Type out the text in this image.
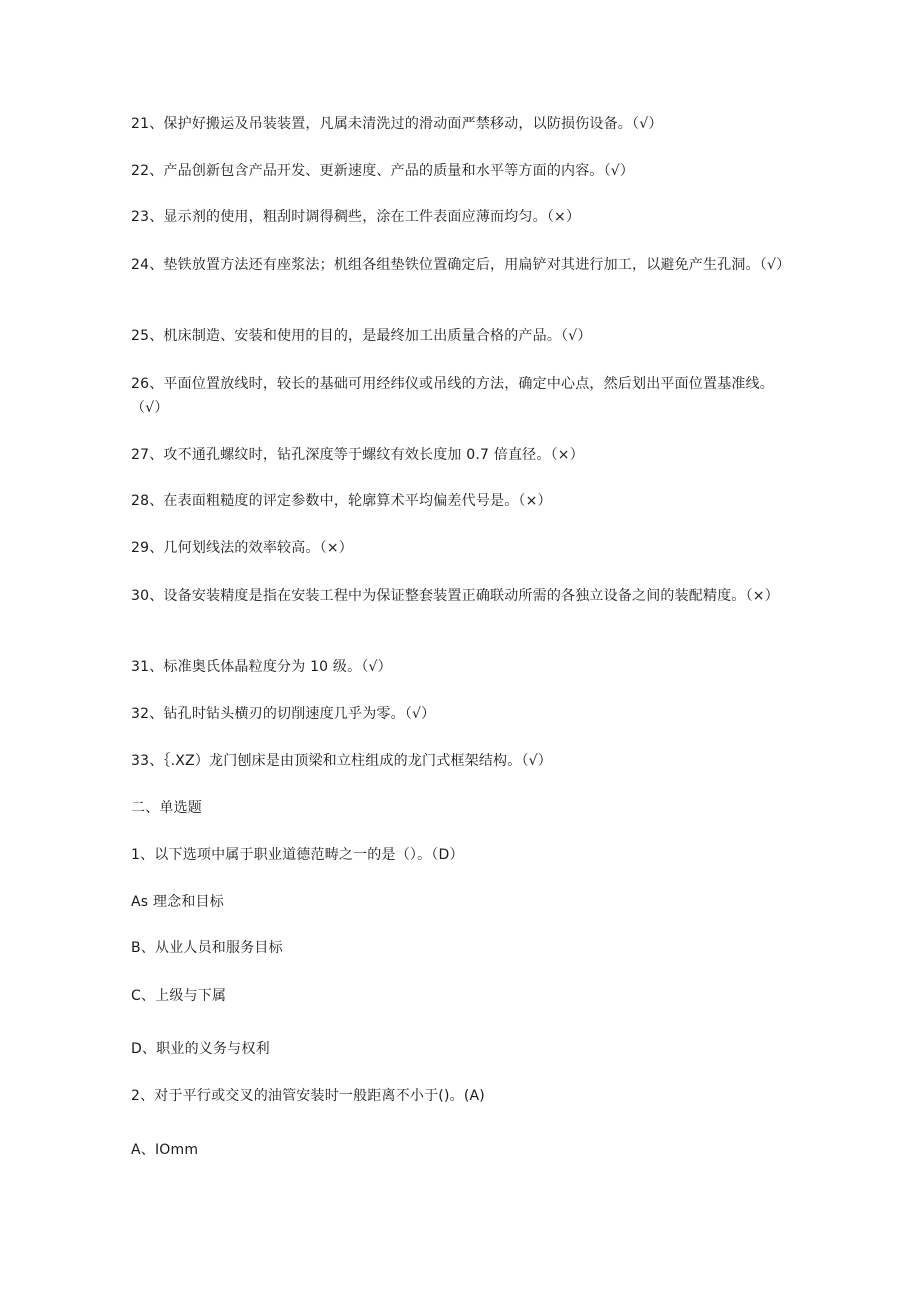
21、保护好搬运及吊装装置，凡属未清洗过的滑动面严禁移动，以防损伤设备。（√）
22、产品创新包含产品开发、更新速度、产品的质量和水平等方面的内容。（√）
23、显示剂的使用，粗刮时调得稠些，涂在工件表面应薄而均匀。（×）
24、垫铁放置方法还有座浆法；机组各组垫铁位置确定后，用扁铲对其进行加工，以避免产生孔洞。（√）
25、机床制造、安装和使用的目的，是最终加工出质量合格的产品。（√）
26、平面位置放线时，较长的基础可用经纬仪或吊线的方法，确定中心点，然后划出平面位置基准线。（√）
27、攻不通孔螺纹时，钻孔深度等于螺纹有效长度加 0.7 倍直径。（×）
28、在表面粗糙度的评定参数中，轮廓算术平均偏差代号是。（×）
29、几何划线法的效率较高。（×）
30、设备安装精度是指在安装工程中为保证整套装置正确联动所需的各独立设备之间的装配精度。（×）
31、标准奥氏体晶粒度分为 10 级。（√）
32、钻孔时钻头横刃的切削速度几乎为零。（√）
33、｛.XZ）龙门刨床是由顶梁和立柱组成的龙门式框架结构。（√）
二、单选题
1、以下选项中属于职业道德范畴之一的是（）。（D）
As 理念和目标
B、从业人员和服务目标
C、上级与下属
D、职业的义务与权利
2、对于平行或交叉的油管安装时一般距离不小于()。(A)
A、IOmm
